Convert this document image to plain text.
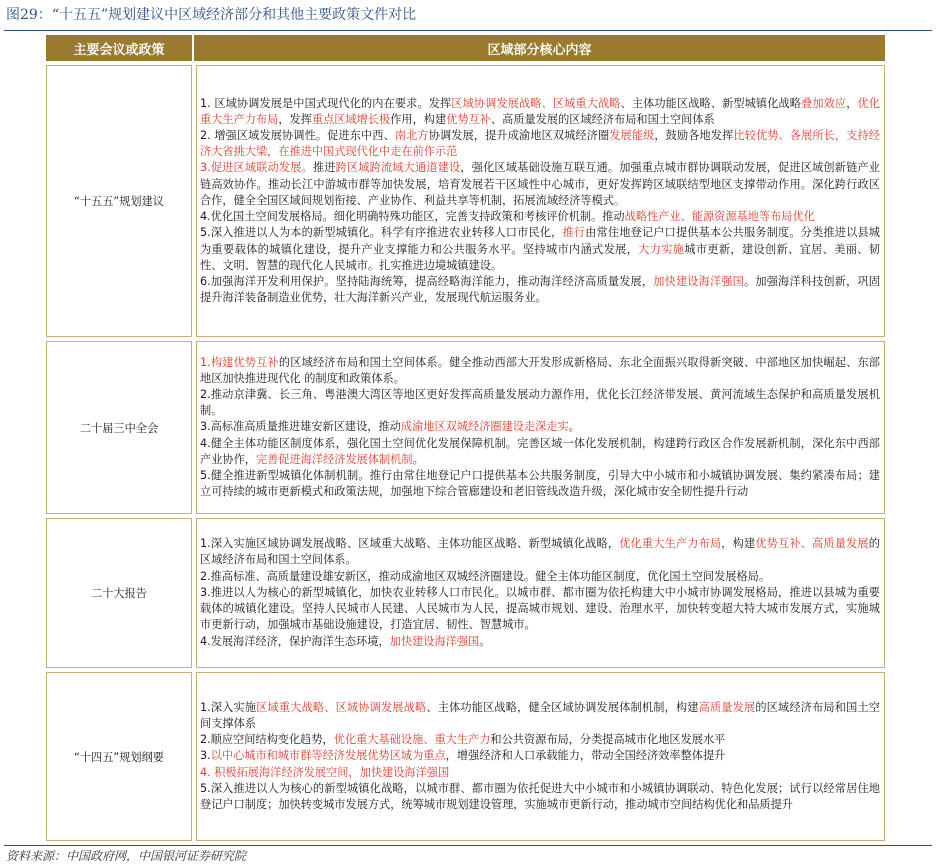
图29：“十五五”规划建议中区域经济部分和其他主要政策文件对比
主要会议或政策	区域部分核心内容
“十五五”规划建议

1. 区域协调发展是中国式现代化的内在要求。发挥区域协调发展战略、区域重大战略、主体功能区战略、新型城镇化战略叠加效应，优化重大生产力布局，发挥重点区域增长极作用，构建优势互补、高质量发展的区域经济布局和国土空间体系

2. 增强区域发展协调性。促进东中西、南北方协调发展，提升成渝地区双城经济圈发展能级，鼓励各地发挥比较优势、各展所长，支持经济大省挑大梁，在推进中国式现代化中走在前作示范

3.促进区域联动发展。推进跨区域跨流域大通道建设，强化区域基础设施互联互通。加强重点城市群协调联动发展，促进区域创新链产业链高效协作。推动长江中游城市群等加快发展，培育发展若干区域性中心城市，更好发挥跨区域联结型地区支撑带动作用。深化跨行政区合作，健全全国区域间规划衔接、产业协作、利益共享等机制，拓展流域经济等模式。

4.优化国土空间发展格局。细化明确特殊功能区，完善支持政策和考核评价机制。推动战略性产业、能源资源基地等布局优化

5.深入推进以人为本的新型城镇化。科学有序推进农业转移人口市民化，推行由常住地登记户口提供基本公共服务制度。分类推进以县城为重要载体的城镇化建设，提升产业支撑能力和公共服务水平。坚持城市内涵式发展，大力实施城市更新，建设创新、宜居、美丽、韧性、文明、智慧的现代化人民城市。扎实推进边境城镇建设。

6.加强海洋开发利用保护。坚持陆海统筹，提高经略海洋能力，推动海洋经济高质量发展，加快建设海洋强国。加强海洋科技创新，巩固提升海洋装备制造业优势，壮大海洋新兴产业，发展现代航运服务业。

二十届三中全会

1.构建优势互补的区域经济布局和国土空间体系。健全推动西部大开发形成新格局、东北全面振兴取得新突破、中部地区加快崛起、东部地区加快推进现代化 的制度和政策体系。

2.推动京津冀、长三角、粤港澳大湾区等地区更好发挥高质量发展动力源作用，优化长江经济带发展、黄河流域生态保护和高质量发展机制。

3.高标准高质量推进雄安新区建设，推动成渝地区双城经济圈建设走深走实。

4.健全主体功能区制度体系，强化国土空间优化发展保障机制。完善区域一体化发展机制，构建跨行政区合作发展新机制，深化东中西部产业协作，完善促进海洋经济发展体制机制。

5.健全推进新型城镇化体制机制。推行由常住地登记户口提供基本公共服务制度，引导大中小城市和小城镇协调发展、集约紧凑布局；建立可持续的城市更新模式和政策法规，加强地下综合管廊建设和老旧管线改造升级，深化城市安全韧性提升行动

二十大报告

1.深入实施区域协调发展战略、区域重大战略、主体功能区战略、新型城镇化战略，优化重大生产力布局，构建优势互补、高质量发展的区域经济布局和国土空间体系。

2.推高标准、高质量建设雄安新区，推动成渝地区双城经济圈建设。健全主体功能区制度，优化国土空间发展格局。

3.推进以人为核心的新型城镇化，加快农业转移人口市民化。以城市群、都市圈为依托构建大中小城市协调发展格局，推进以县城为重要载体的城镇化建设。坚持人民城市人民建、人民城市为人民，提高城市规划、建设、治理水平，加快转变超大特大城市发展方式，实施城市更新行动，加强城市基础设施建设，打造宜居、韧性、智慧城市。

4.发展海洋经济，保护海洋生态环境，加快建设海洋强国。

“十四五”规划纲要

1.深入实施区域重大战略、区域协调发展战略、主体功能区战略，健全区域协调发展体制机制，构建高质量发展的区域经济布局和国土空间支撑体系

2.顺应空间结构变化趋势，优化重大基础设施、重大生产力和公共资源布局，分类提高城市化地区发展水平

3.以中心城市和城市群等经济发展优势区域为重点，增强经济和人口承载能力，带动全国经济效率整体提升

4. 积极拓展海洋经济发展空间，加快建设海洋强国

5.深入推进以人为核心的新型城镇化战略，以城市群、都市圈为依托促进大中小城市和小城镇协调联动、特色化发展；试行以经常居住地登记户口制度；加快转变城市发展方式，统筹城市规划建设管理，实施城市更新行动，推动城市空间结构优化和品质提升

资料来源：中国政府网，中国银河证券研究院
